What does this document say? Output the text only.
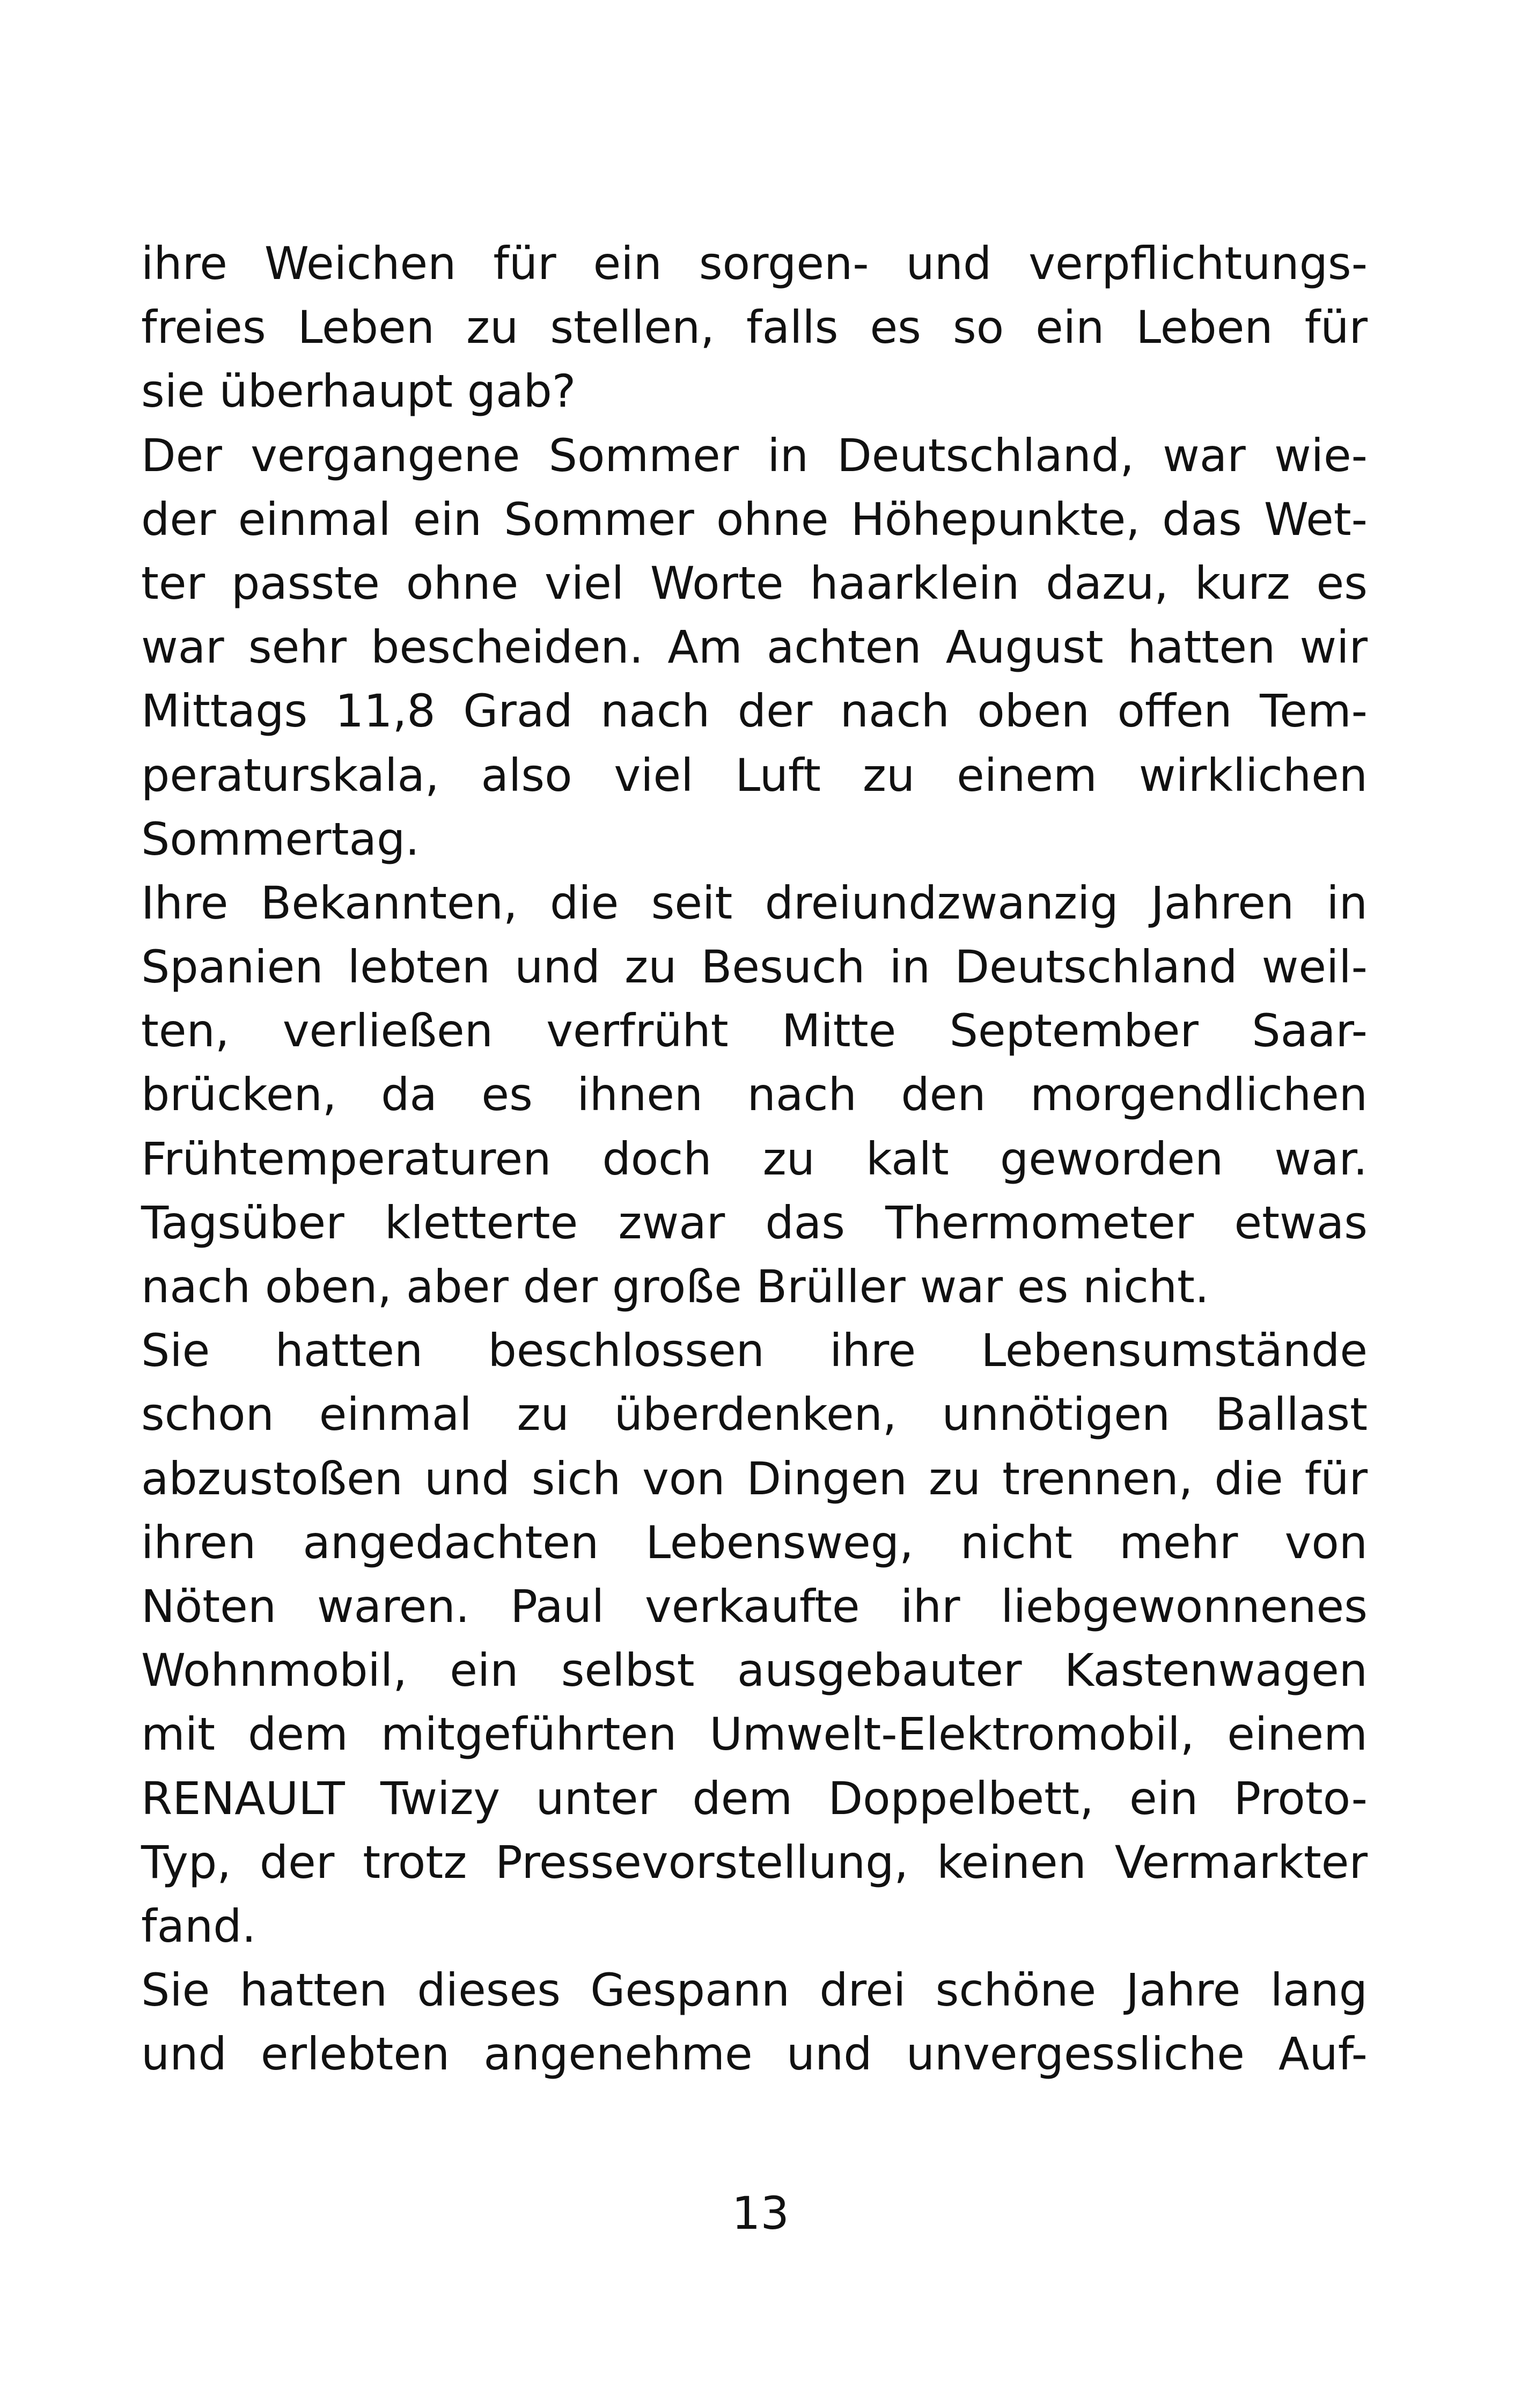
ihre Weichen für ein sorgen- und verpflichtungs-
freies Leben zu stellen, falls es so ein Leben für
sie überhaupt gab?
Der vergangene Sommer in Deutschland, war wie-
der einmal ein Sommer ohne Höhepunkte, das Wet-
ter passte ohne viel Worte haarklein dazu, kurz es
war sehr bescheiden. Am achten August hatten wir
Mittags 11,8 Grad nach der nach oben offen Tem-
peraturskala, also viel Luft zu einem wirklichen
Sommertag.
Ihre Bekannten, die seit dreiundzwanzig Jahren in
Spanien lebten und zu Besuch in Deutschland weil-
ten, verließen verfrüht Mitte September Saar-
brücken, da es ihnen nach den morgendlichen
Frühtemperaturen doch zu kalt geworden war.
Tagsüber kletterte zwar das Thermometer etwas
nach oben, aber der große Brüller war es nicht.
Sie hatten beschlossen ihre Lebensumstände
schon einmal zu überdenken, unnötigen Ballast
abzustoßen und sich von Dingen zu trennen, die für
ihren angedachten Lebensweg, nicht mehr von
Nöten waren. Paul verkaufte ihr liebgewonnenes
Wohnmobil, ein selbst ausgebauter Kastenwagen
mit dem mitgeführten Umwelt-Elektromobil, einem
RENAULT Twizy unter dem Doppelbett, ein Proto-
Typ, der trotz Pressevorstellung, keinen Vermarkter
fand.
Sie hatten dieses Gespann drei schöne Jahre lang
und erlebten angenehme und unvergessliche Auf-
13
